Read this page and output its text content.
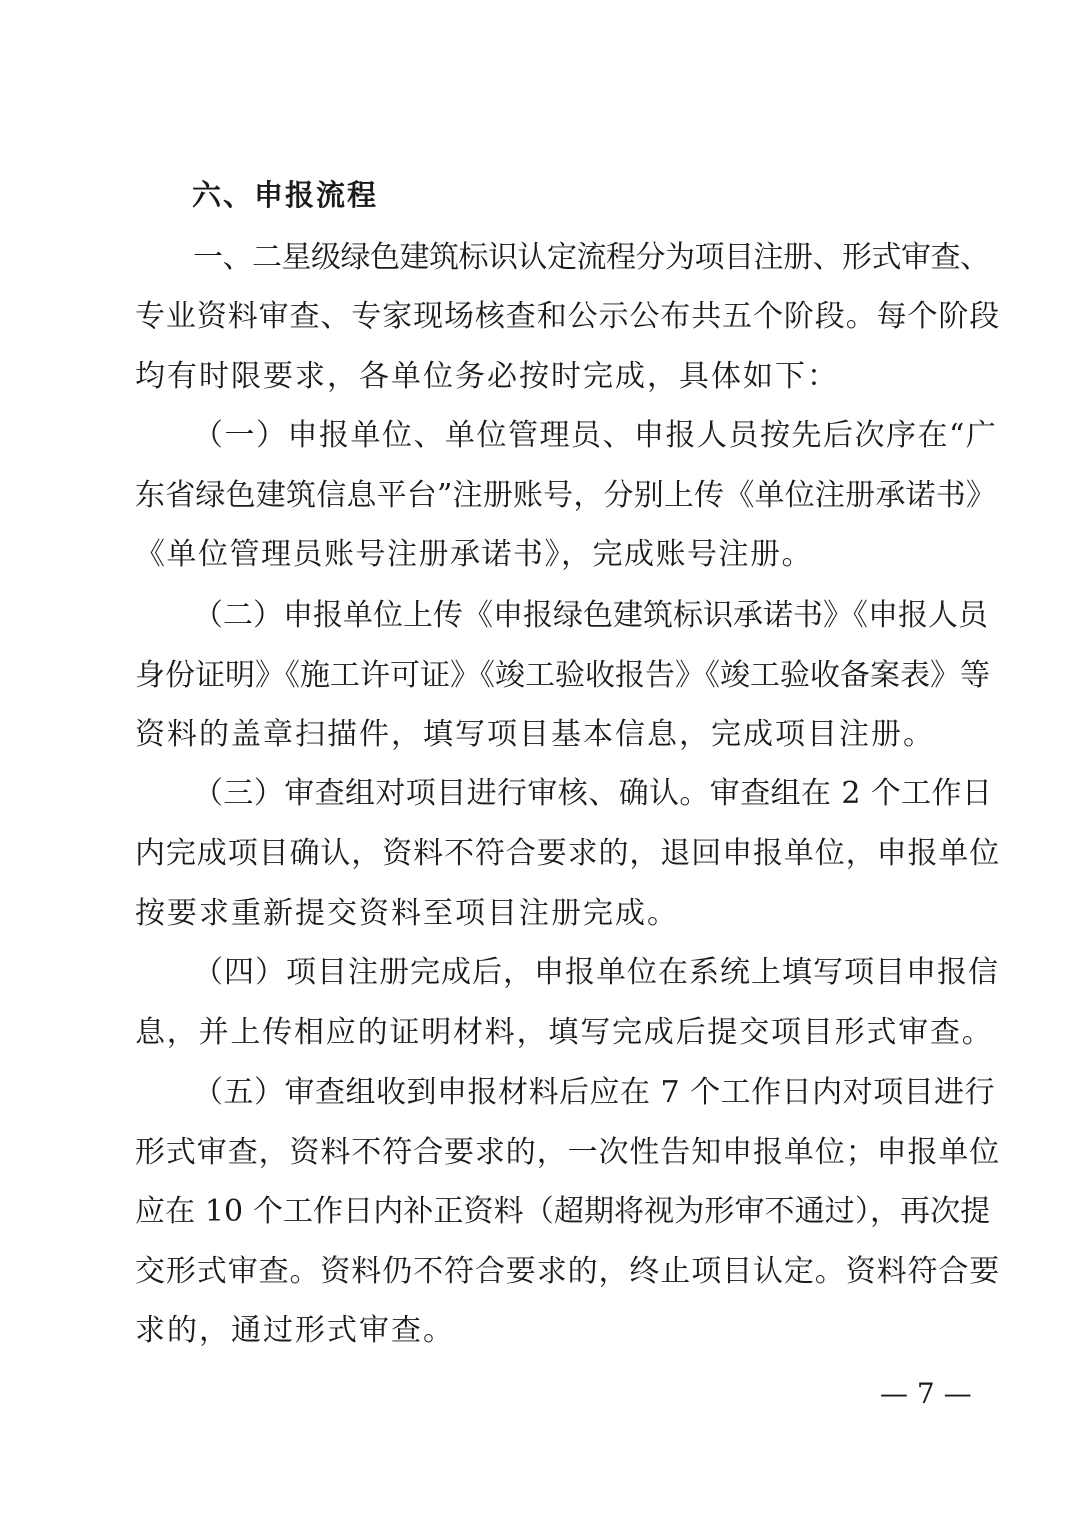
六、申报流程
一、二星级绿色建筑标识认定流程分为项目注册、形式审查、
专业资料审查、专家现场核查和公示公布共五个阶段。每个阶段
均有时限要求，各单位务必按时完成，具体如下：
（一）申报单位、单位管理员、申报人员按先后次序在“广
东省绿色建筑信息平台”注册账号，分别上传《单位注册承诺书》
《单位管理员账号注册承诺书》，完成账号注册。
（二）申报单位上传《申报绿色建筑标识承诺书》《申报人员
身份证明》《施工许可证》《竣工验收报告》《竣工验收备案表》等
资料的盖章扫描件，填写项目基本信息，完成项目注册。
（三）审查组对项目进行审核、确认。审查组在 2 个工作日
内完成项目确认，资料不符合要求的，退回申报单位，申报单位
按要求重新提交资料至项目注册完成。
（四）项目注册完成后，申报单位在系统上填写项目申报信
息，并上传相应的证明材料，填写完成后提交项目形式审查。
（五）审查组收到申报材料后应在 7 个工作日内对项目进行
形式审查，资料不符合要求的，一次性告知申报单位；申报单位
应在 10 个工作日内补正资料（超期将视为形审不通过），再次提
交形式审查。资料仍不符合要求的，终止项目认定。资料符合要
求的，通过形式审查。
— 7 —
